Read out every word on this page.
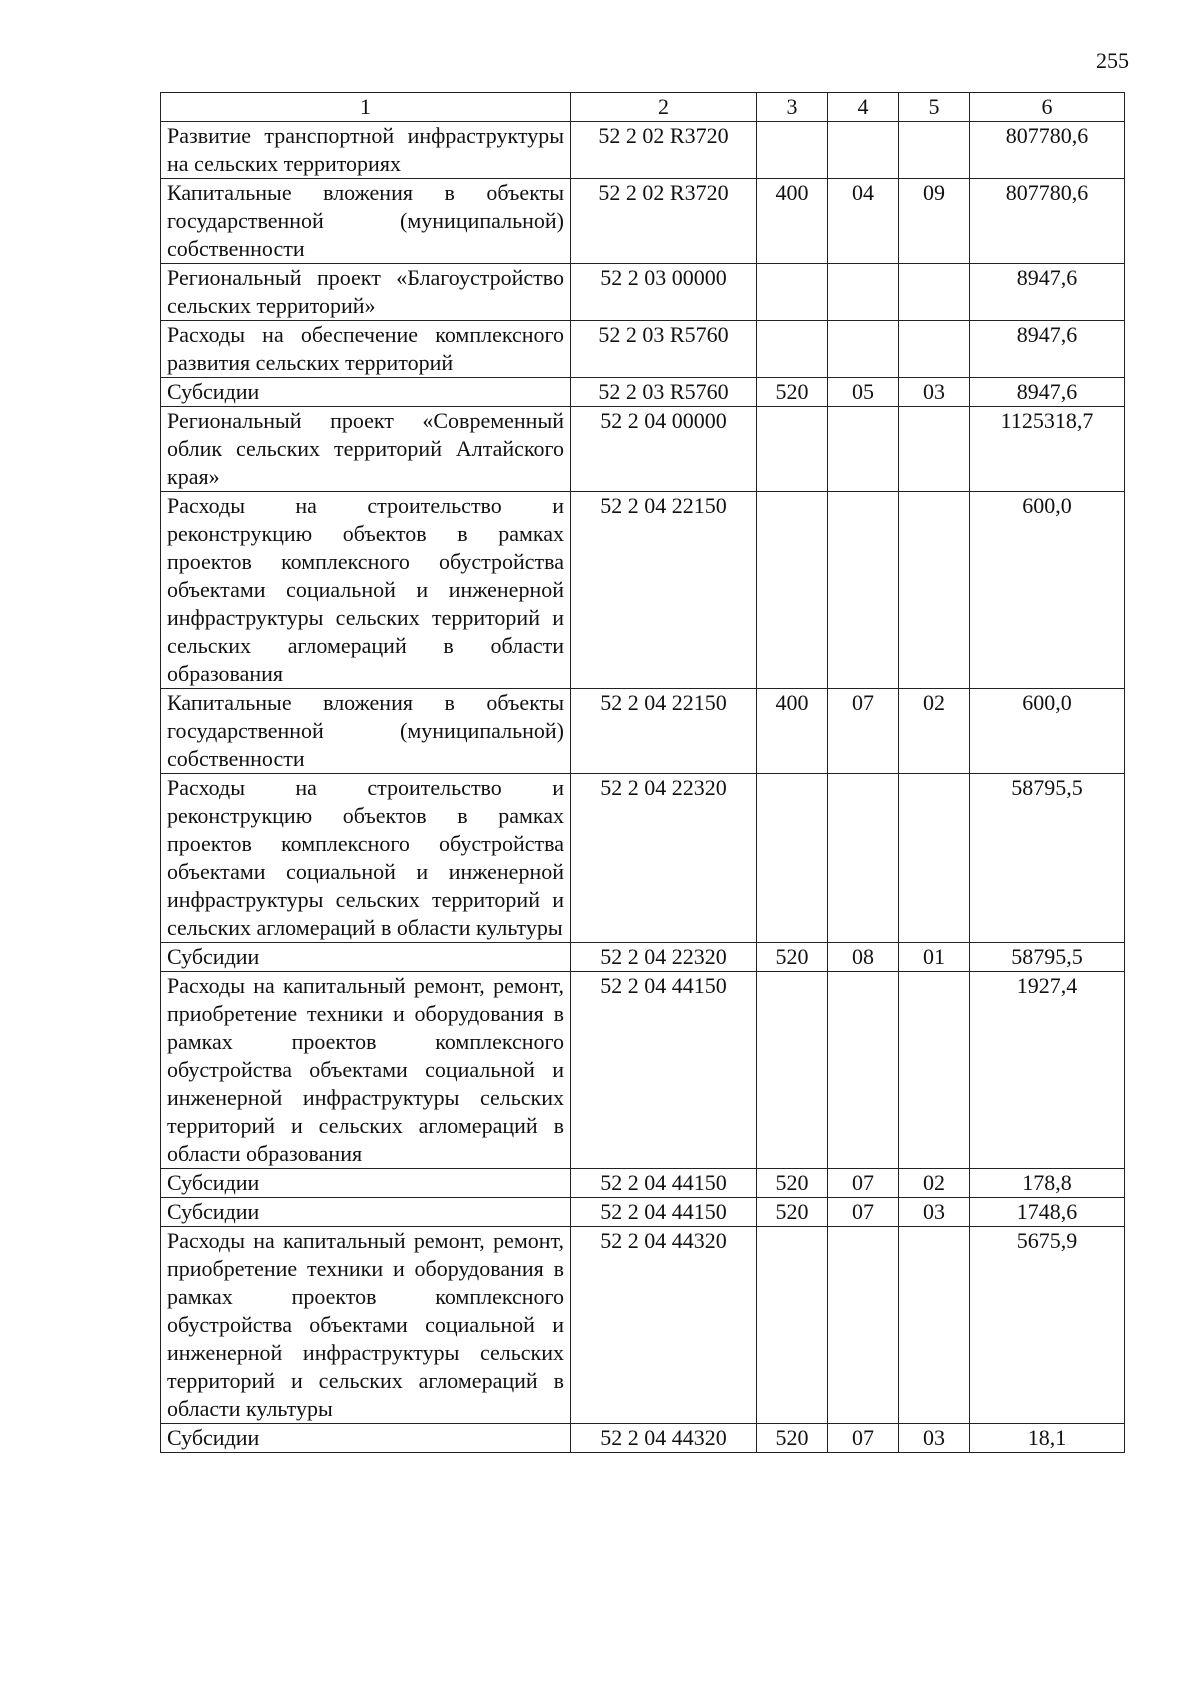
255
1	2	3	4	5	6
Развитие транспортной инфраструктуры на сельских территориях	52 2 02 R3720				807780,6
Капитальные вложения в объекты государственной (муниципальной) собственности	52 2 02 R3720	400	04	09	807780,6
Региональный проект «Благоустройство сельских территорий»	52 2 03 00000				8947,6
Расходы на обеспечение комплексного развития сельских территорий	52 2 03 R5760				8947,6
Субсидии	52 2 03 R5760	520	05	03	8947,6
Региональный проект «Современный облик сельских территорий Алтайского края»	52 2 04 00000				1125318,7
Расходы на строительство и реконструкцию объектов в рамках проектов комплексного обустройства объектами социальной и инженерной инфраструктуры сельских территорий и сельских агломераций в области образования	52 2 04 22150				600,0
Капитальные вложения в объекты государственной (муниципальной) собственности	52 2 04 22150	400	07	02	600,0
Расходы на строительство и реконструкцию объектов в рамках проектов комплексного обустройства объектами социальной и инженерной инфраструктуры сельских территорий и сельских агломераций в области культуры	52 2 04 22320				58795,5
Субсидии	52 2 04 22320	520	08	01	58795,5
Расходы на капитальный ремонт, ремонт, приобретение техники и оборудования в рамках проектов комплексного обустройства объектами социальной и инженерной инфраструктуры сельских территорий и сельских агломераций в области образования	52 2 04 44150				1927,4
Субсидии	52 2 04 44150	520	07	02	178,8
Субсидии	52 2 04 44150	520	07	03	1748,6
Расходы на капитальный ремонт, ремонт, приобретение техники и оборудования в рамках проектов комплексного обустройства объектами социальной и инженерной инфраструктуры сельских территорий и сельских агломераций в области культуры	52 2 04 44320				5675,9
Субсидии	52 2 04 44320	520	07	03	18,1
